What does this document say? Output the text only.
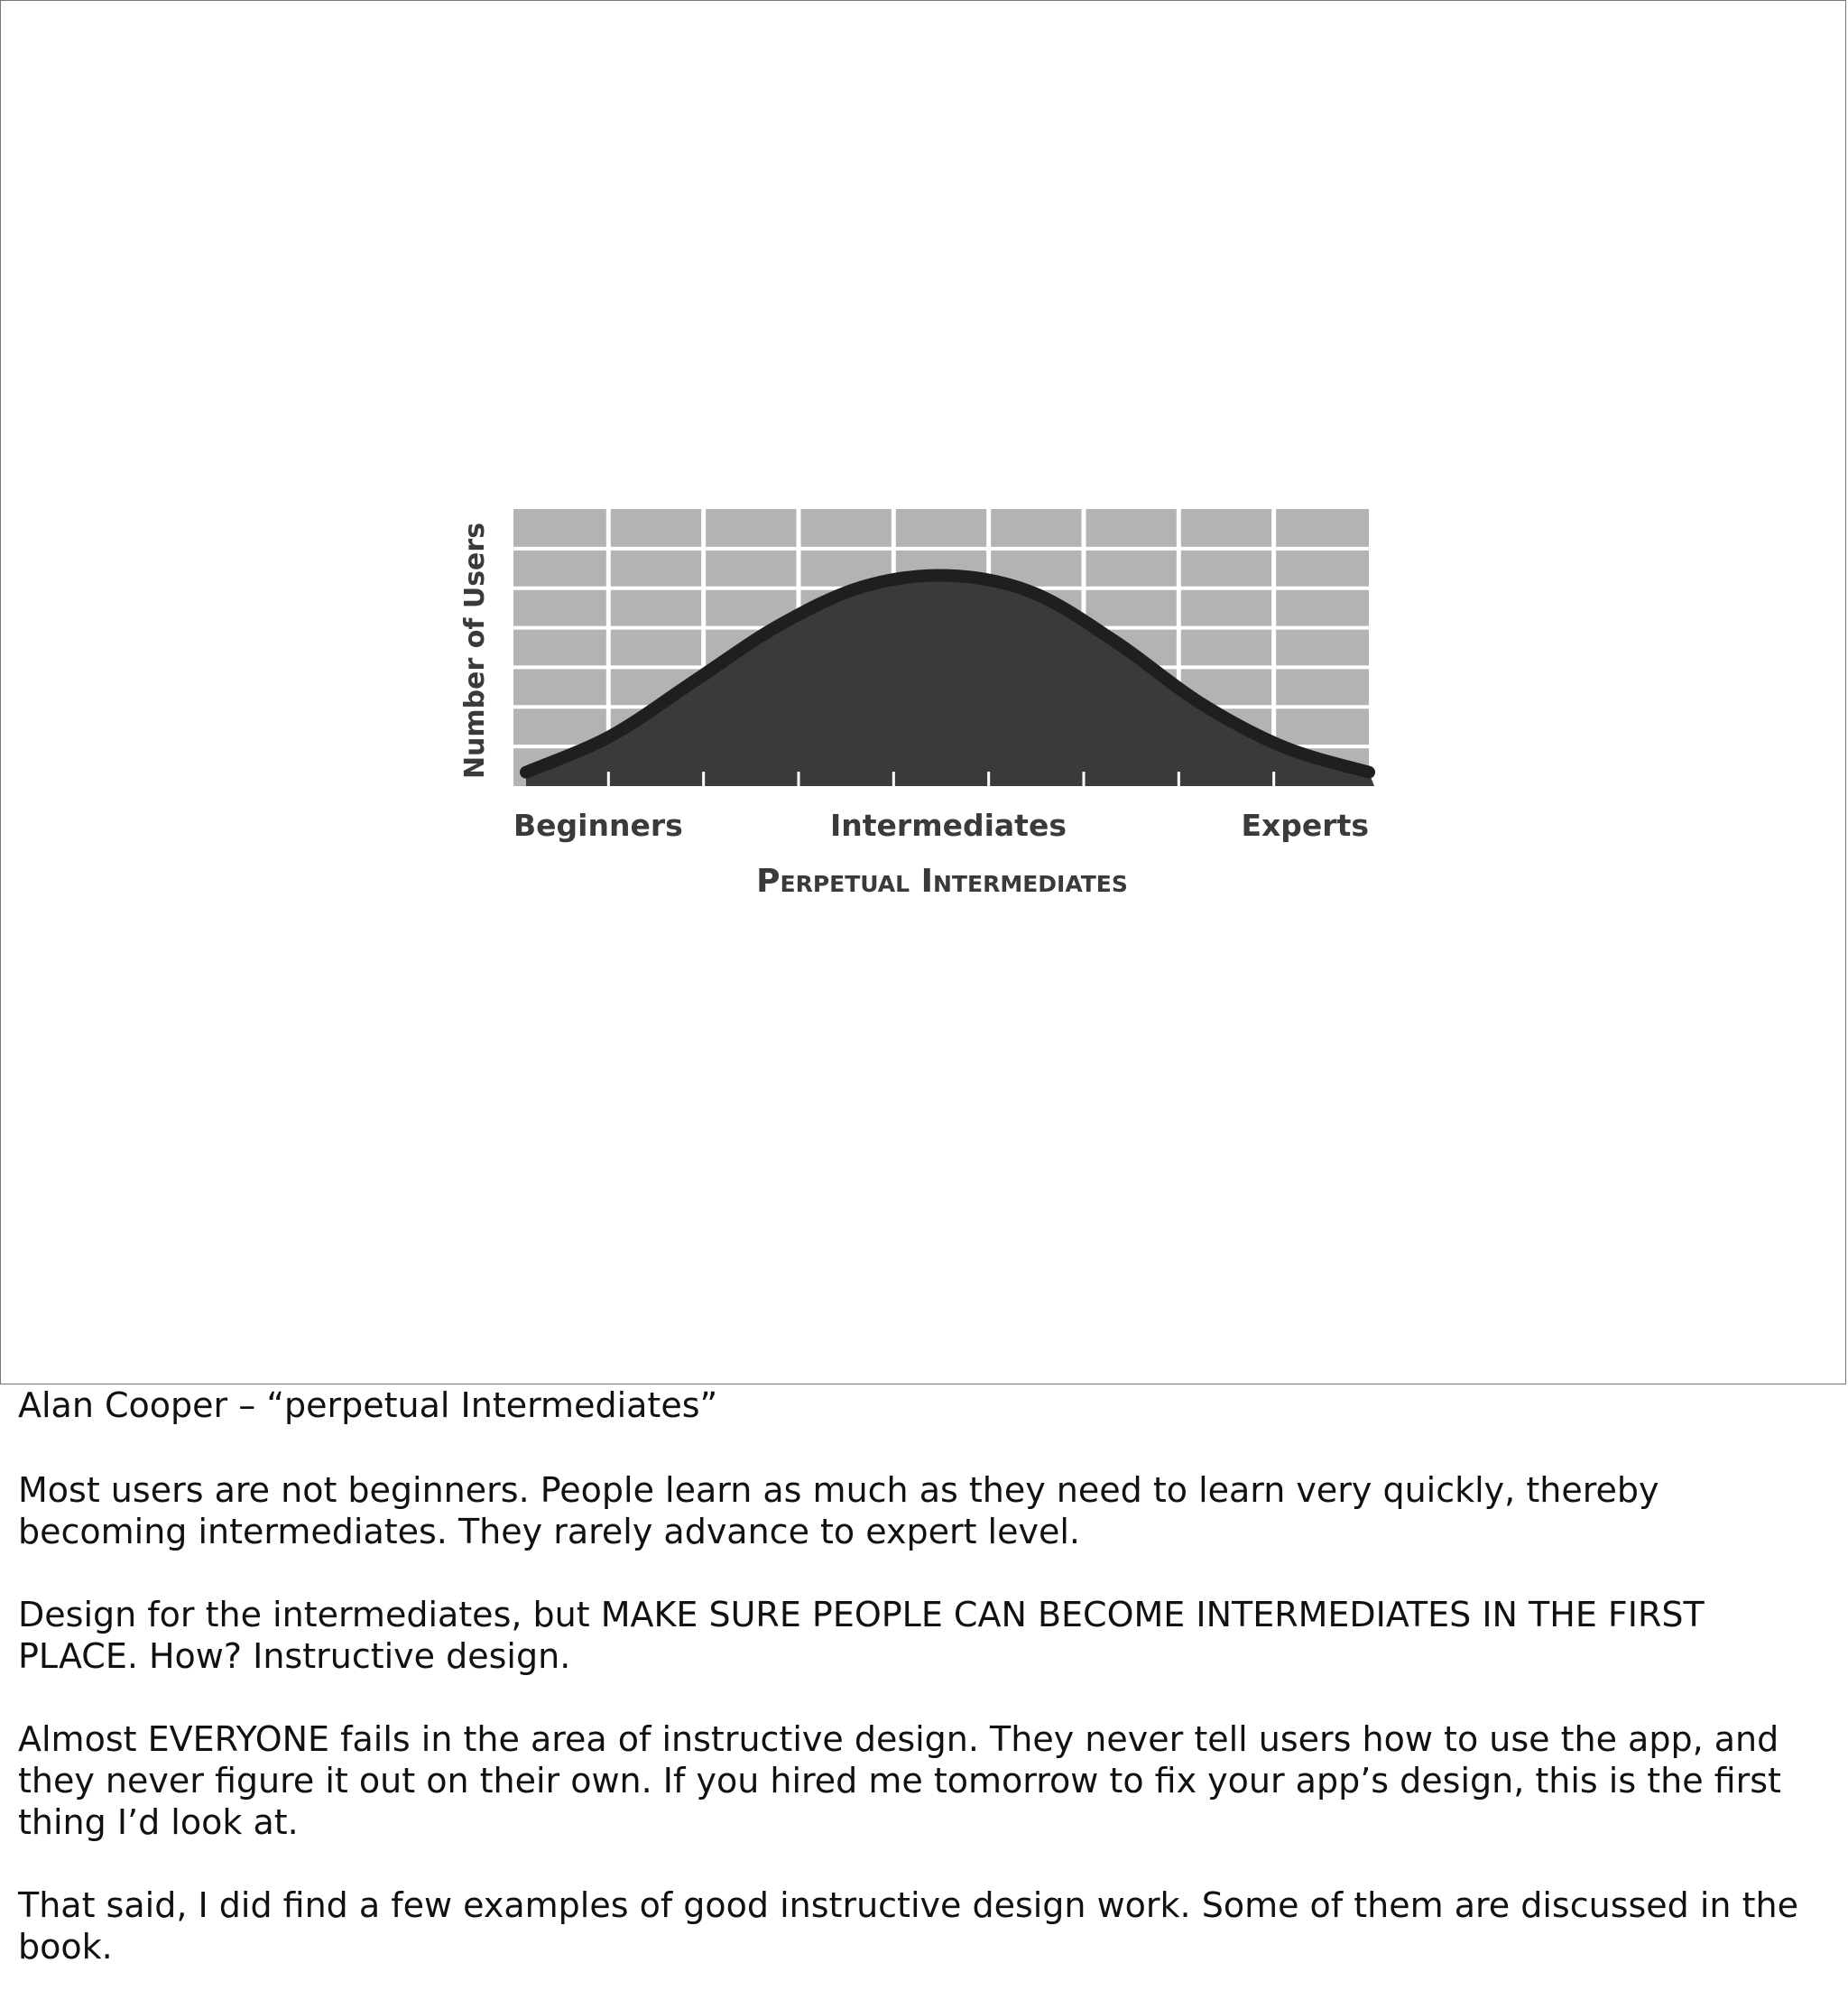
Number of Users
Beginners	Intermediates	Experts
Perpetual Intermediates

Alan Cooper – “perpetual Intermediates”

Most users are not beginners. People learn as much as they need to learn very quickly, thereby becoming intermediates. They rarely advance to expert level.

Design for the intermediates, but MAKE SURE PEOPLE CAN BECOME INTERMEDIATES IN THE FIRST PLACE. How? Instructive design.

Almost EVERYONE fails in the area of instructive design. They never tell users how to use the app, and they never figure it out on their own. If you hired me tomorrow to fix your app’s design, this is the first thing I’d look at.

That said, I did find a few examples of good instructive design work. Some of them are discussed in the book.
